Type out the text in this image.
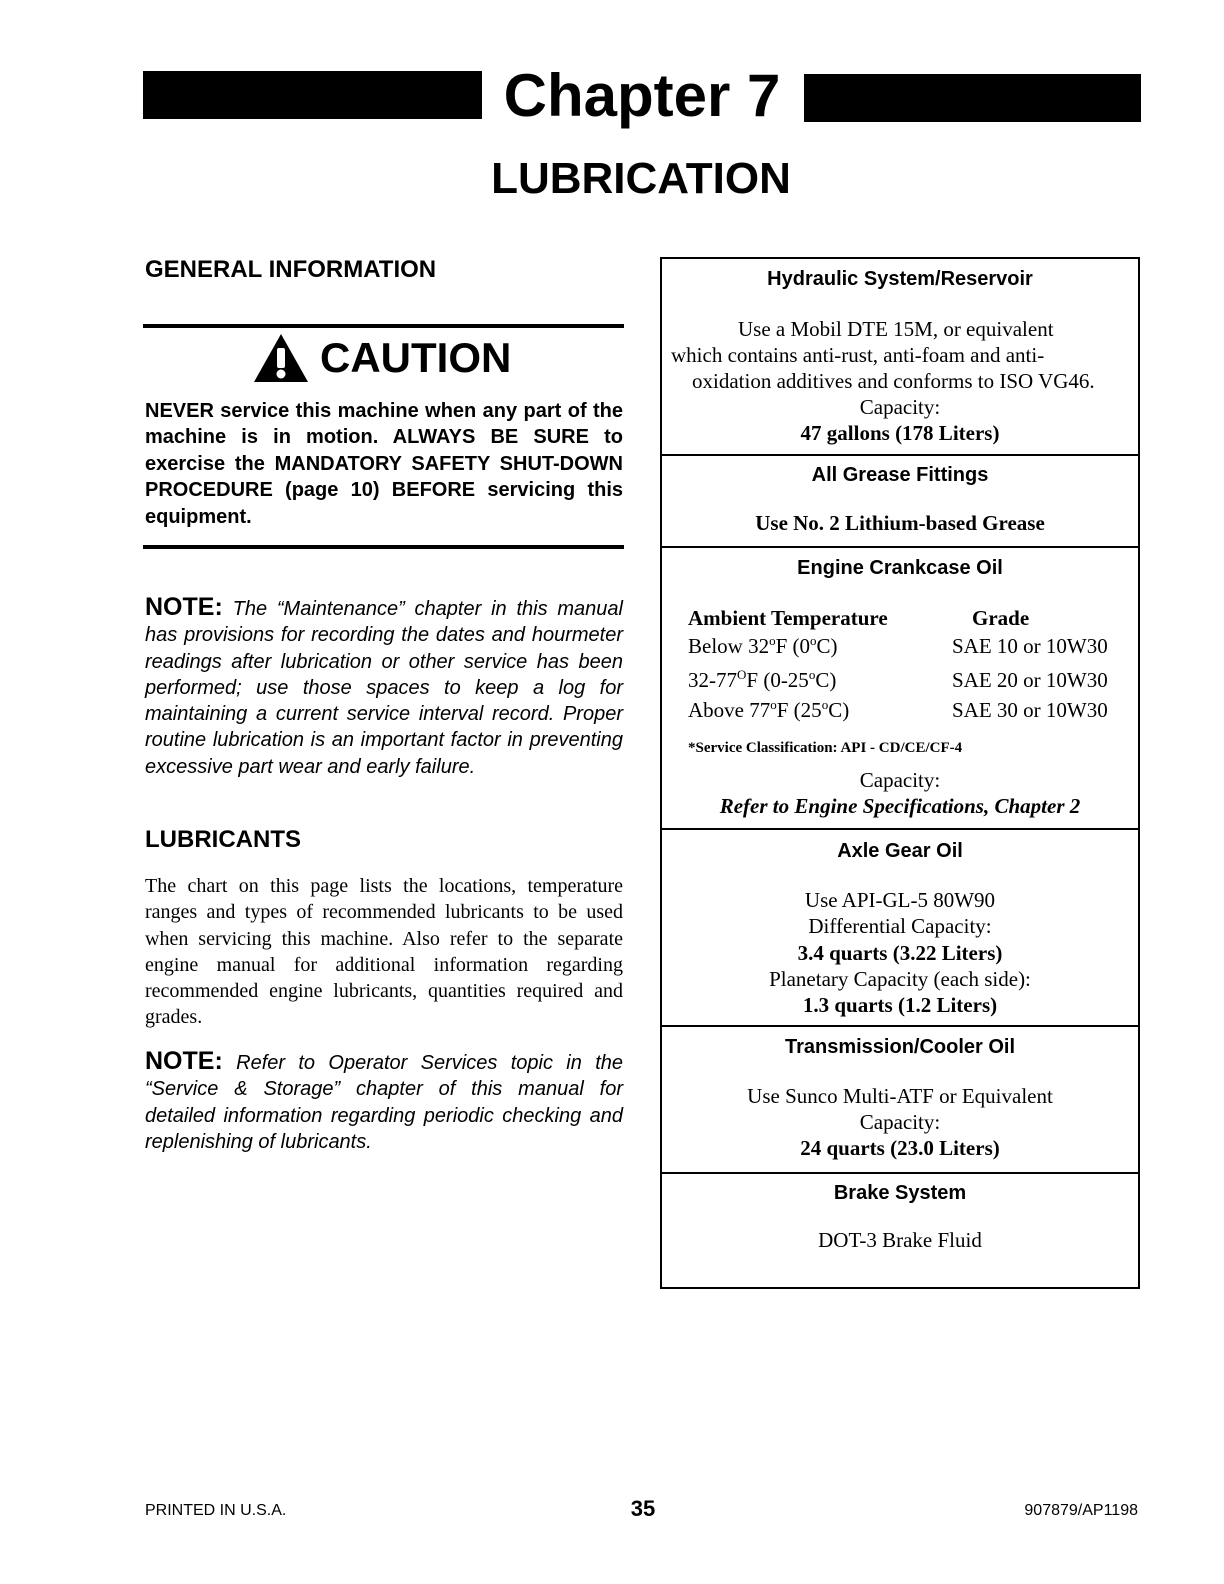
Chapter 7
LUBRICATION
GENERAL INFORMATION
CAUTION

NEVER service this machine when any part of the machine is in motion. ALWAYS BE SURE to exercise the MANDATORY SAFETY SHUT-DOWN PROCEDURE (page 10) BEFORE servicing this equipment.

NOTE: The “Maintenance” chapter in this manual has provisions for recording the dates and hourmeter readings after lubrication or other service has been performed; use those spaces to keep a log for maintaining a current service interval record. Proper routine lubrication is an important factor in preventing excessive part wear and early failure.

LUBRICANTS

The chart on this page lists the locations, temperature ranges and types of recommended lubricants to be used when servicing this machine. Also refer to the separate engine manual for additional information regarding recommended engine lubricants, quantities required and grades.

NOTE: Refer to Operator Services topic in the “Service & Storage” chapter of this manual for detailed information regarding periodic checking and replenishing of lubricants.

Hydraulic System/Reservoir
Use a Mobil DTE 15M, or equivalent
which contains anti-rust, anti-foam and anti-
oxidation additives and conforms to ISO VG46.
Capacity:
47 gallons (178 Liters)
All Grease Fittings
Use No. 2 Lithium-based Grease
Engine Crankcase Oil
Ambient Temperature	Grade
Below 32$^o$F (0$^o$C)	SAE 10 or 10W30
$32-77^OF$ (0-25$^o$C)	SAE 20 or 10W30
Above 77$^o$F (25$^o$C)	SAE 30 or 10W30
*Service Classification: API - CD/CE/CF-4
Capacity:
Refer to Engine Specifications, Chapter 2
Axle Gear Oil
Use API-GL-5 80W90
Differential Capacity:
3.4 quarts (3.22 Liters)
Planetary Capacity (each side):
1.3 quarts (1.2 Liters)
Transmission/Cooler Oil
Use Sunco Multi-ATF or Equivalent
Capacity:
24 quarts (23.0 Liters)
Brake System
DOT-3 Brake Fluid
PRINTED IN U.S.A.	35	907879/AP1198
